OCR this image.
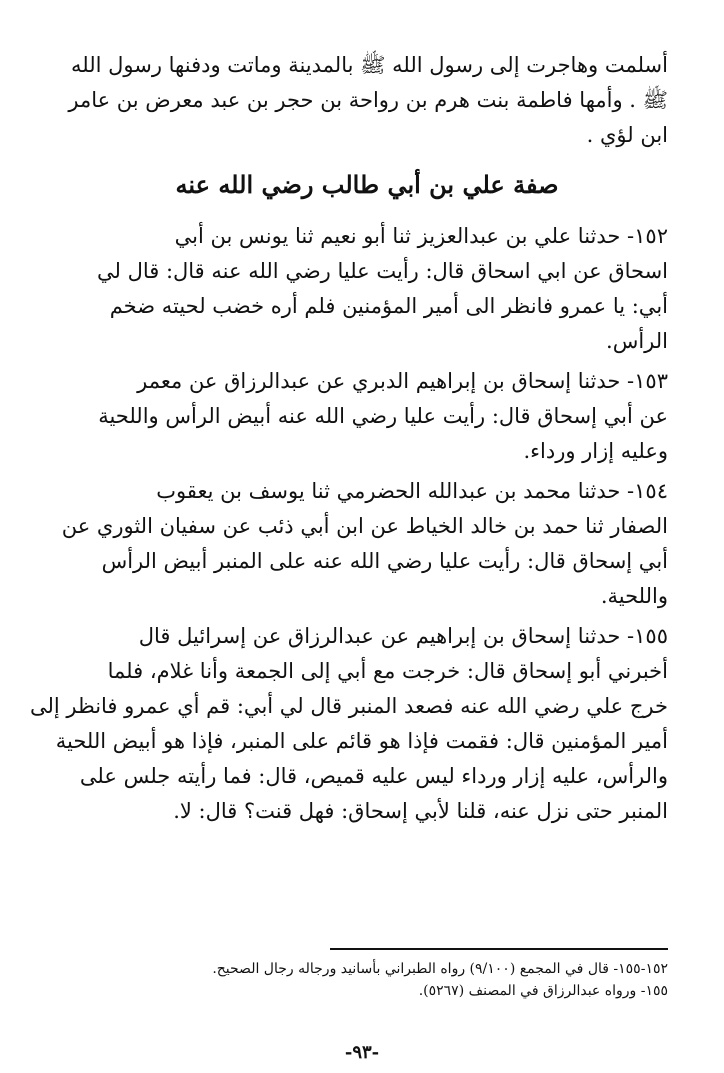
أسلمت وهاجرت إلى رسول الله ﷺ بالمدينة وماتت ودفنها رسول الله

ﷺ . وأمها فاطمة بنت هرم بن رواحة بن حجر بن عبد معرض بن عامر

ابن لؤي .

صفة علي بن أبي طالب رضي الله عنه

١٥٢- حدثنا علي بن عبدالعزيز ثنا أبو نعيم ثنا يونس بن أبي

اسحاق عن ابي اسحاق قال: رأيت عليا رضي الله عنه قال: قال لي

أبي: يا عمرو فانظر الى أمير المؤمنين فلم أره خضب لحيته ضخم

الرأس.

١٥٣- حدثنا إسحاق بن إبراهيم الدبري عن عبدالرزاق عن معمر

عن أبي إسحاق قال: رأيت عليا رضي الله عنه أبيض الرأس واللحية

وعليه إزار ورداء.

١٥٤- حدثنا محمد بن عبدالله الحضرمي ثنا يوسف بن يعقوب

الصفار ثنا حمد بن خالد الخياط عن ابن أبي ذئب عن سفيان الثوري عن

أبي إسحاق قال: رأيت عليا رضي الله عنه على المنبر أبيض الرأس

واللحية.

١٥٥- حدثنا إسحاق بن إبراهيم عن عبدالرزاق عن إسرائيل قال

أخبرني أبو إسحاق قال: خرجت مع أبي إلى الجمعة وأنا غلام، فلما

خرج علي رضي الله عنه فصعد المنبر قال لي أبي: قم أي عمرو فانظر إلى

أمير المؤمنين قال: فقمت فإذا هو قائم على المنبر، فإذا هو أبيض اللحية

والرأس، عليه إزار ورداء ليس عليه قميص، قال: فما رأيته جلس على

المنبر حتى نزل عنه، قلنا لأبي إسحاق: فهل قنت؟ قال: لا.

١٥٢-١٥٥- قال في المجمع (٩/١٠٠) رواه الطبراني بأسانيد ورجاله رجال الصحيح.

١٥٥- ورواه عبدالرزاق في المصنف (٥٢٦٧).

-٩٣-
